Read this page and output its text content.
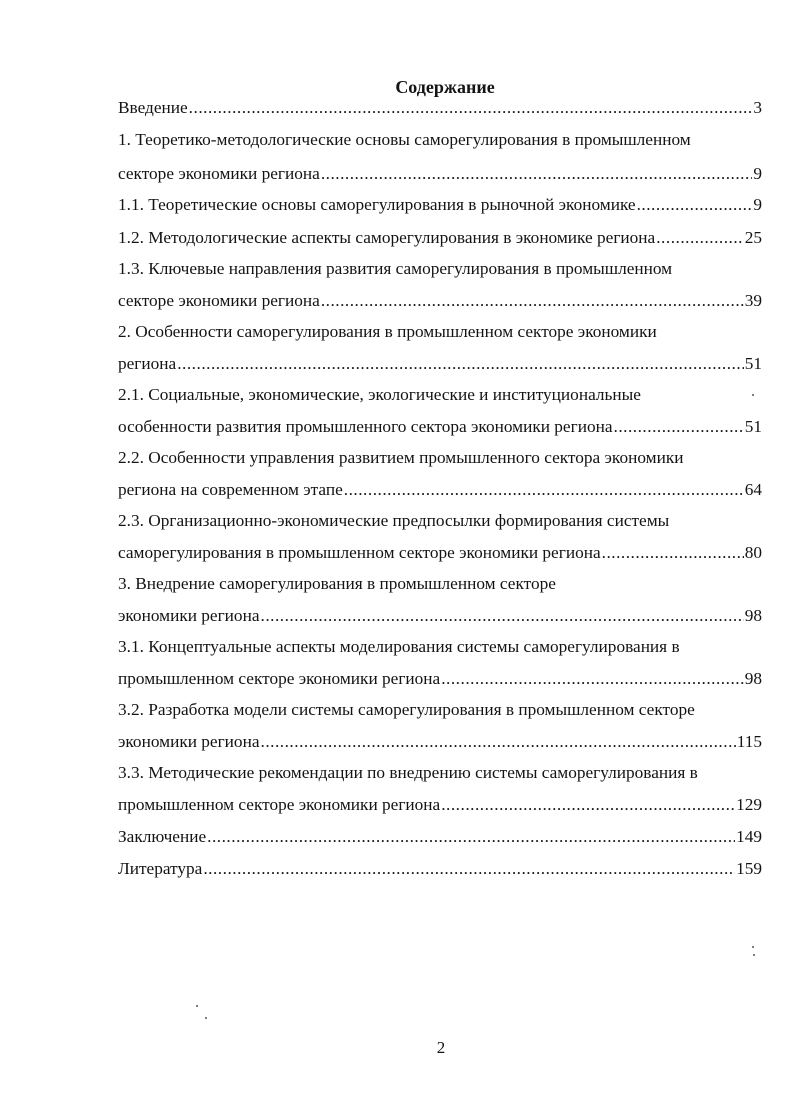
Содержание
Введение .....	3
1. Теоретико-методологические основы саморегулирования в промышленном
секторе экономики региона .....	9
1.1. Теоретические основы саморегулирования в рыночной экономике .....	9
1.2. Методологические аспекты саморегулирования в экономике региона .....	25
1.3. Ключевые направления развития саморегулирования в промышленном
секторе экономики региона .....	39
2. Особенности саморегулирования в промышленном секторе экономики
региона .....	51
2.1. Социальные, экономические, экологические и институциональные
особенности развития промышленного сектора экономики региона .....	51
2.2. Особенности управления развитием промышленного сектора экономики
региона на современном этапе .....	64
2.3. Организационно-экономические предпосылки формирования системы
саморегулирования в промышленном секторе экономики региона .....	80
3. Внедрение саморегулирования в промышленном секторе
экономики региона .....	98
3.1. Концептуальные аспекты моделирования системы саморегулирования в
промышленном секторе экономики региона .....	98
3.2. Разработка модели системы саморегулирования в промышленном секторе
экономики региона .....	115
3.3. Методические рекомендации по внедрению системы саморегулирования в
промышленном секторе экономики региона .....	129
Заключение .....	149
Литература .....	159
2
